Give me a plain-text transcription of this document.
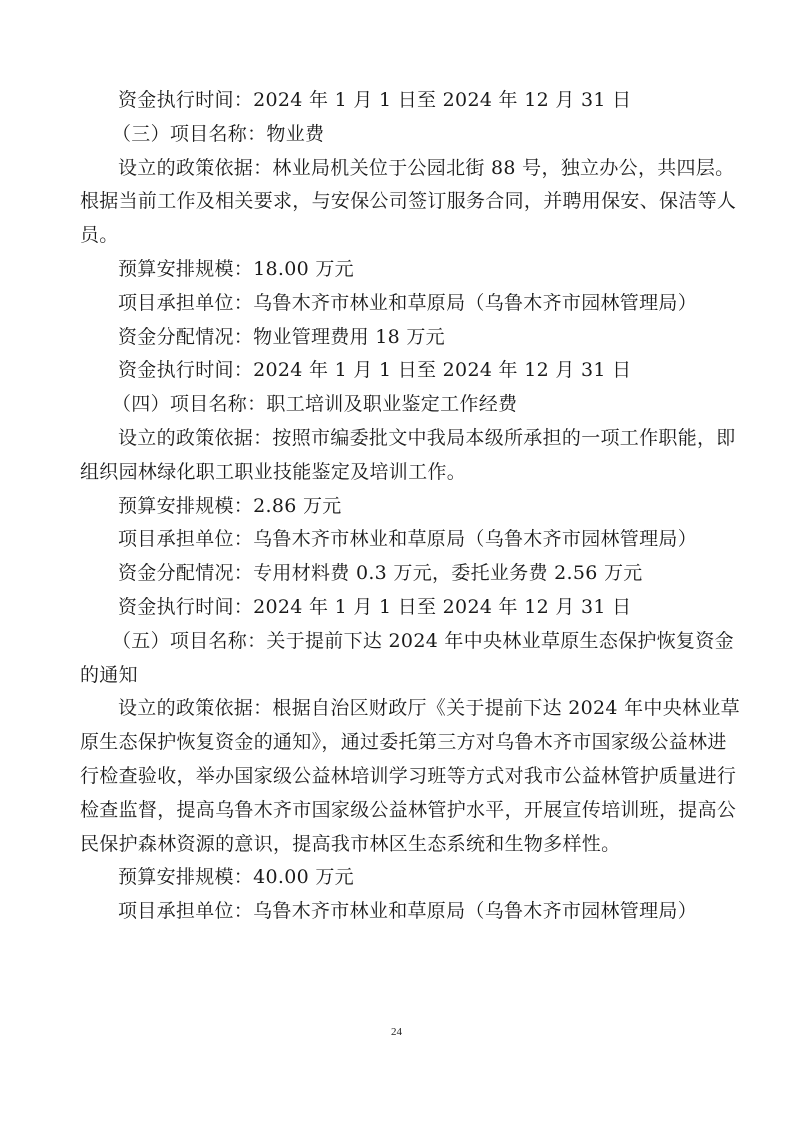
资金执行时间：2024 年 1 月 1 日至 2024 年 12 月 31 日

（三）项目名称：物业费

设立的政策依据：林业局机关位于公园北街 88 号，独立办公，共四层。

根据当前工作及相关要求，与安保公司签订服务合同，并聘用保安、保洁等人

员。

预算安排规模：18.00 万元

项目承担单位：乌鲁木齐市林业和草原局（乌鲁木齐市园林管理局）

资金分配情况：物业管理费用 18 万元

资金执行时间：2024 年 1 月 1 日至 2024 年 12 月 31 日

（四）项目名称：职工培训及职业鉴定工作经费

设立的政策依据：按照市编委批文中我局本级所承担的一项工作职能，即

组织园林绿化职工职业技能鉴定及培训工作。

预算安排规模：2.86 万元

项目承担单位：乌鲁木齐市林业和草原局（乌鲁木齐市园林管理局）

资金分配情况：专用材料费 0.3 万元，委托业务费 2.56 万元

资金执行时间：2024 年 1 月 1 日至 2024 年 12 月 31 日

（五）项目名称：关于提前下达 2024 年中央林业草原生态保护恢复资金

的通知

设立的政策依据：根据自治区财政厅《关于提前下达 2024 年中央林业草

原生态保护恢复资金的通知》，通过委托第三方对乌鲁木齐市国家级公益林进

行检查验收，举办国家级公益林培训学习班等方式对我市公益林管护质量进行

检查监督，提高乌鲁木齐市国家级公益林管护水平，开展宣传培训班，提高公

民保护森林资源的意识，提高我市林区生态系统和生物多样性。

预算安排规模：40.00 万元

项目承担单位：乌鲁木齐市林业和草原局（乌鲁木齐市园林管理局）

24
